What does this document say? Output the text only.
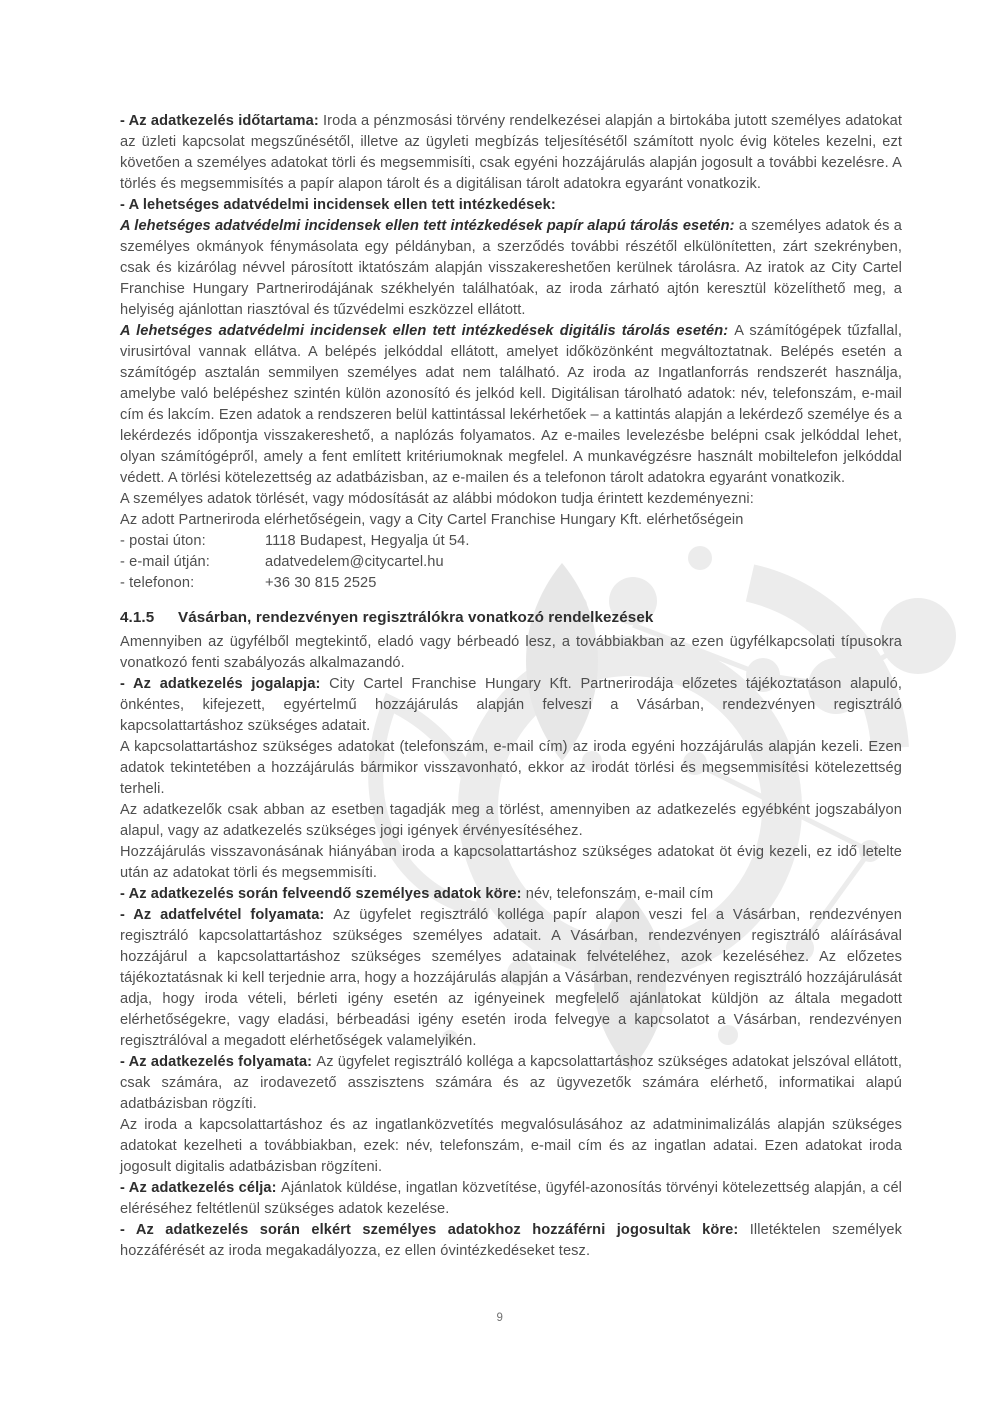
- Az adatkezelés időtartama: Iroda a pénzmosási törvény rendelkezései alapján a birtokába jutott személyes adatokat az üzleti kapcsolat megszűnésétől, illetve az ügyleti megbízás teljesítésétől számított nyolc évig köteles kezelni, ezt követően a személyes adatokat törli és megsemmisíti, csak egyéni hozzájárulás alapján jogosult a további kezelésre. A törlés és megsemmisítés a papír alapon tárolt és a digitálisan tárolt adatokra egyaránt vonatkozik.

- A lehetséges adatvédelmi incidensek ellen tett intézkedések:

A lehetséges adatvédelmi incidensek ellen tett intézkedések papír alapú tárolás esetén: a személyes adatok és a személyes okmányok fénymásolata egy példányban, a szerződés további részétől elkülönítetten, zárt szekrényben, csak és kizárólag névvel párosított iktatószám alapján visszakereshetően kerülnek tárolásra. Az iratok az City Cartel Franchise Hungary Partnerirodájának székhelyén találhatóak, az iroda zárható ajtón keresztül közelíthető meg, a helyiség ajánlottan riasztóval és tűzvédelmi eszközzel ellátott.

A lehetséges adatvédelmi incidensek ellen tett intézkedések digitális tárolás esetén: A számítógépek tűzfallal, virusirtóval vannak ellátva. A belépés jelkóddal ellátott, amelyet időközönként megváltoztatnak. Belépés esetén a számítógép asztalán semmilyen személyes adat nem található. Az iroda az Ingatlanforrás rendszerét használja, amelybe való belépéshez szintén külön azonosító és jelkód kell. Digitálisan tárolható adatok: név, telefonszám, e-mail cím és lakcím. Ezen adatok a rendszeren belül kattintással lekérhetőek – a kattintás alapján a lekérdező személye és a lekérdezés időpontja visszakereshető, a naplózás folyamatos. Az e-mailes levelezésbe belépni csak jelkóddal lehet, olyan számítógépről, amely a fent említett kritériumoknak megfelel. A munkavégzésre használt mobiltelefon jelkóddal védett. A törlési kötelezettség az adatbázisban, az e-mailen és a telefonon tárolt adatokra egyaránt vonatkozik.

A személyes adatok törlését, vagy módosítását az alábbi módokon tudja érintett kezdeményezni:

Az adott Partneriroda elérhetőségein, vagy a City Cartel Franchise Hungary Kft. elérhetőségein

- postai úton:	1118 Budapest, Hegyalja út 54.
- e-mail útján:	adatvedelem@citycartel.hu
- telefonon:	+36 30 815 2525
4.1.5	Vásárban, rendezvényen regisztrálókra vonatkozó rendelkezések

Amennyiben az ügyfélből megtekintő, eladó vagy bérbeadó lesz, a továbbiakban az ezen ügyfélkapcsolati típusokra vonatkozó fenti szabályozás alkalmazandó.

- Az adatkezelés jogalapja: City Cartel Franchise Hungary Kft. Partnerirodája előzetes tájékoztatáson alapuló, önkéntes, kifejezett, egyértelmű hozzájárulás alapján felveszi a Vásárban, rendezvényen regisztráló kapcsolattartáshoz szükséges adatait.

A kapcsolattartáshoz szükséges adatokat (telefonszám, e-mail cím) az iroda egyéni hozzájárulás alapján kezeli. Ezen adatok tekintetében a hozzájárulás bármikor visszavonható, ekkor az irodát törlési és megsemmisítési kötelezettség terheli.

Az adatkezelők csak abban az esetben tagadják meg a törlést, amennyiben az adatkezelés egyébként jogszabályon alapul, vagy az adatkezelés szükséges jogi igények érvényesítéséhez.

Hozzájárulás visszavonásának hiányában iroda a kapcsolattartáshoz szükséges adatokat öt évig kezeli, ez idő letelte után az adatokat törli és megsemmisíti.

- Az adatkezelés során felveendő személyes adatok köre: név, telefonszám, e-mail cím

- Az adatfelvétel folyamata: Az ügyfelet regisztráló kolléga papír alapon veszi fel a Vásárban, rendezvényen regisztráló kapcsolattartáshoz szükséges személyes adatait. A Vásárban, rendezvényen regisztráló aláírásával hozzájárul a kapcsolattartáshoz szükséges személyes adatainak felvételéhez, azok kezeléséhez. Az előzetes tájékoztatásnak ki kell terjednie arra, hogy a hozzájárulás alapján a Vásárban, rendezvényen regisztráló hozzájárulását adja, hogy iroda vételi, bérleti igény esetén az igényeinek megfelelő ajánlatokat küldjön az általa megadott elérhetőségekre, vagy eladási, bérbeadási igény esetén iroda felvegye a kapcsolatot a Vásárban, rendezvényen regisztrálóval a megadott elérhetőségek valamelyikén.

- Az adatkezelés folyamata: Az ügyfelet regisztráló kolléga a kapcsolattartáshoz szükséges adatokat jelszóval ellátott, csak számára, az irodavezető asszisztens számára és az ügyvezetők számára elérhető, informatikai alapú adatbázisban rögzíti.

Az iroda a kapcsolattartáshoz és az ingatlanközvetítés megvalósulásához az adatminimalizálás alapján szükséges adatokat kezelheti a továbbiakban, ezek: név, telefonszám, e-mail cím és az ingatlan adatai. Ezen adatokat iroda jogosult digitalis adatbázisban rögzíteni.

- Az adatkezelés célja: Ajánlatok küldése, ingatlan közvetítése, ügyfél-azonosítás törvényi kötelezettség alapján, a cél eléréséhez feltétlenül szükséges adatok kezelése.

- Az adatkezelés során elkért személyes adatokhoz hozzáférni jogosultak köre: Illetéktelen személyek hozzáférését az iroda megakadályozza, ez ellen óvintézkedéseket tesz.

9
